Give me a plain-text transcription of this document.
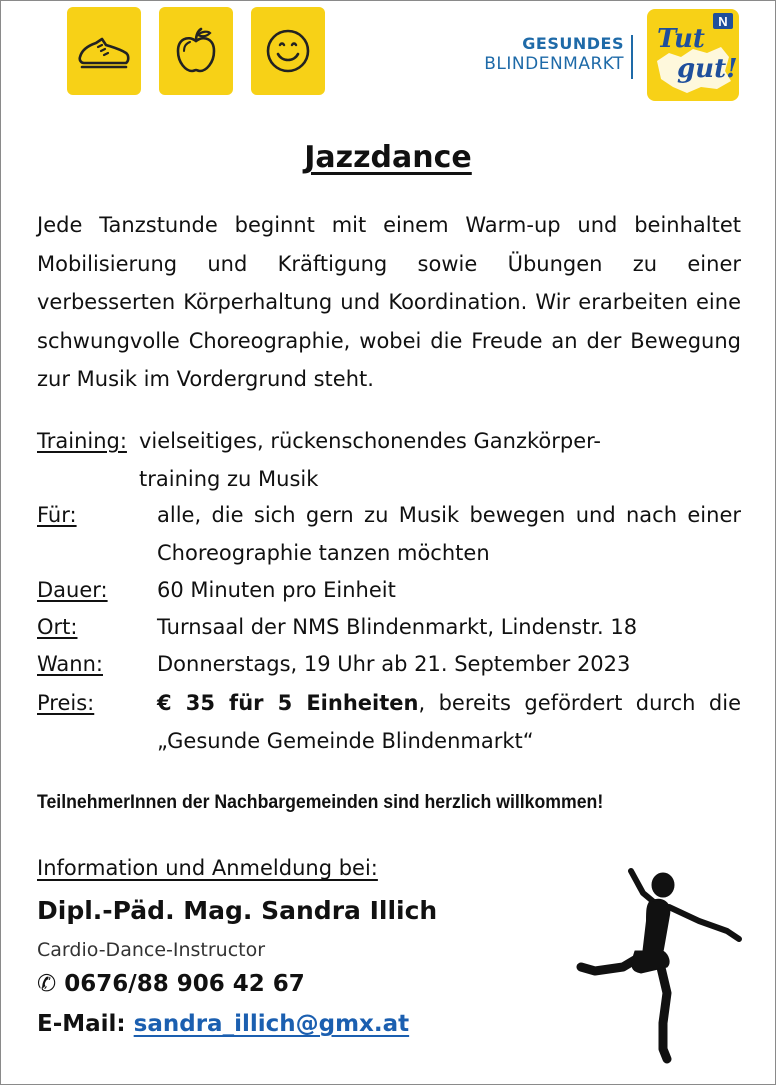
GESUNDES
BLINDENMARKT
N
Tut
gut!
Jazzdance
Jede Tanzstunde beginnt mit einem Warm-up und beinhaltet Mobilisierung und Kräftigung sowie Übungen zu einer verbesserten Körperhaltung und Koordination. Wir erarbeiten eine schwungvolle Choreographie, wobei die Freude an der Bewegung zur Musik im Vordergrund steht.
Training: vielseitiges, rückenschonendes Ganzkörper-
training zu Musik
Für:	alle, die sich gern zu Musik bewegen und nach einer Choreographie tanzen möchten
Dauer: 60 Minuten pro Einheit
Ort:	Turnsaal der NMS Blindenmarkt, Lindenstr. 18
Wann:	Donnerstags, 19 Uhr ab 21. September 2023
Preis:	€ 35 für 5 Einheiten, bereits gefördert durch die „Gesunde Gemeinde Blindenmarkt“
TeilnehmerInnen der Nachbargemeinden sind herzlich willkommen!
Information und Anmeldung bei:
Dipl.-Päd. Mag. Sandra Illich
Cardio-Dance-Instructor
✆ 0676/88 906 42 67
E-Mail: sandra_illich@gmx.at
